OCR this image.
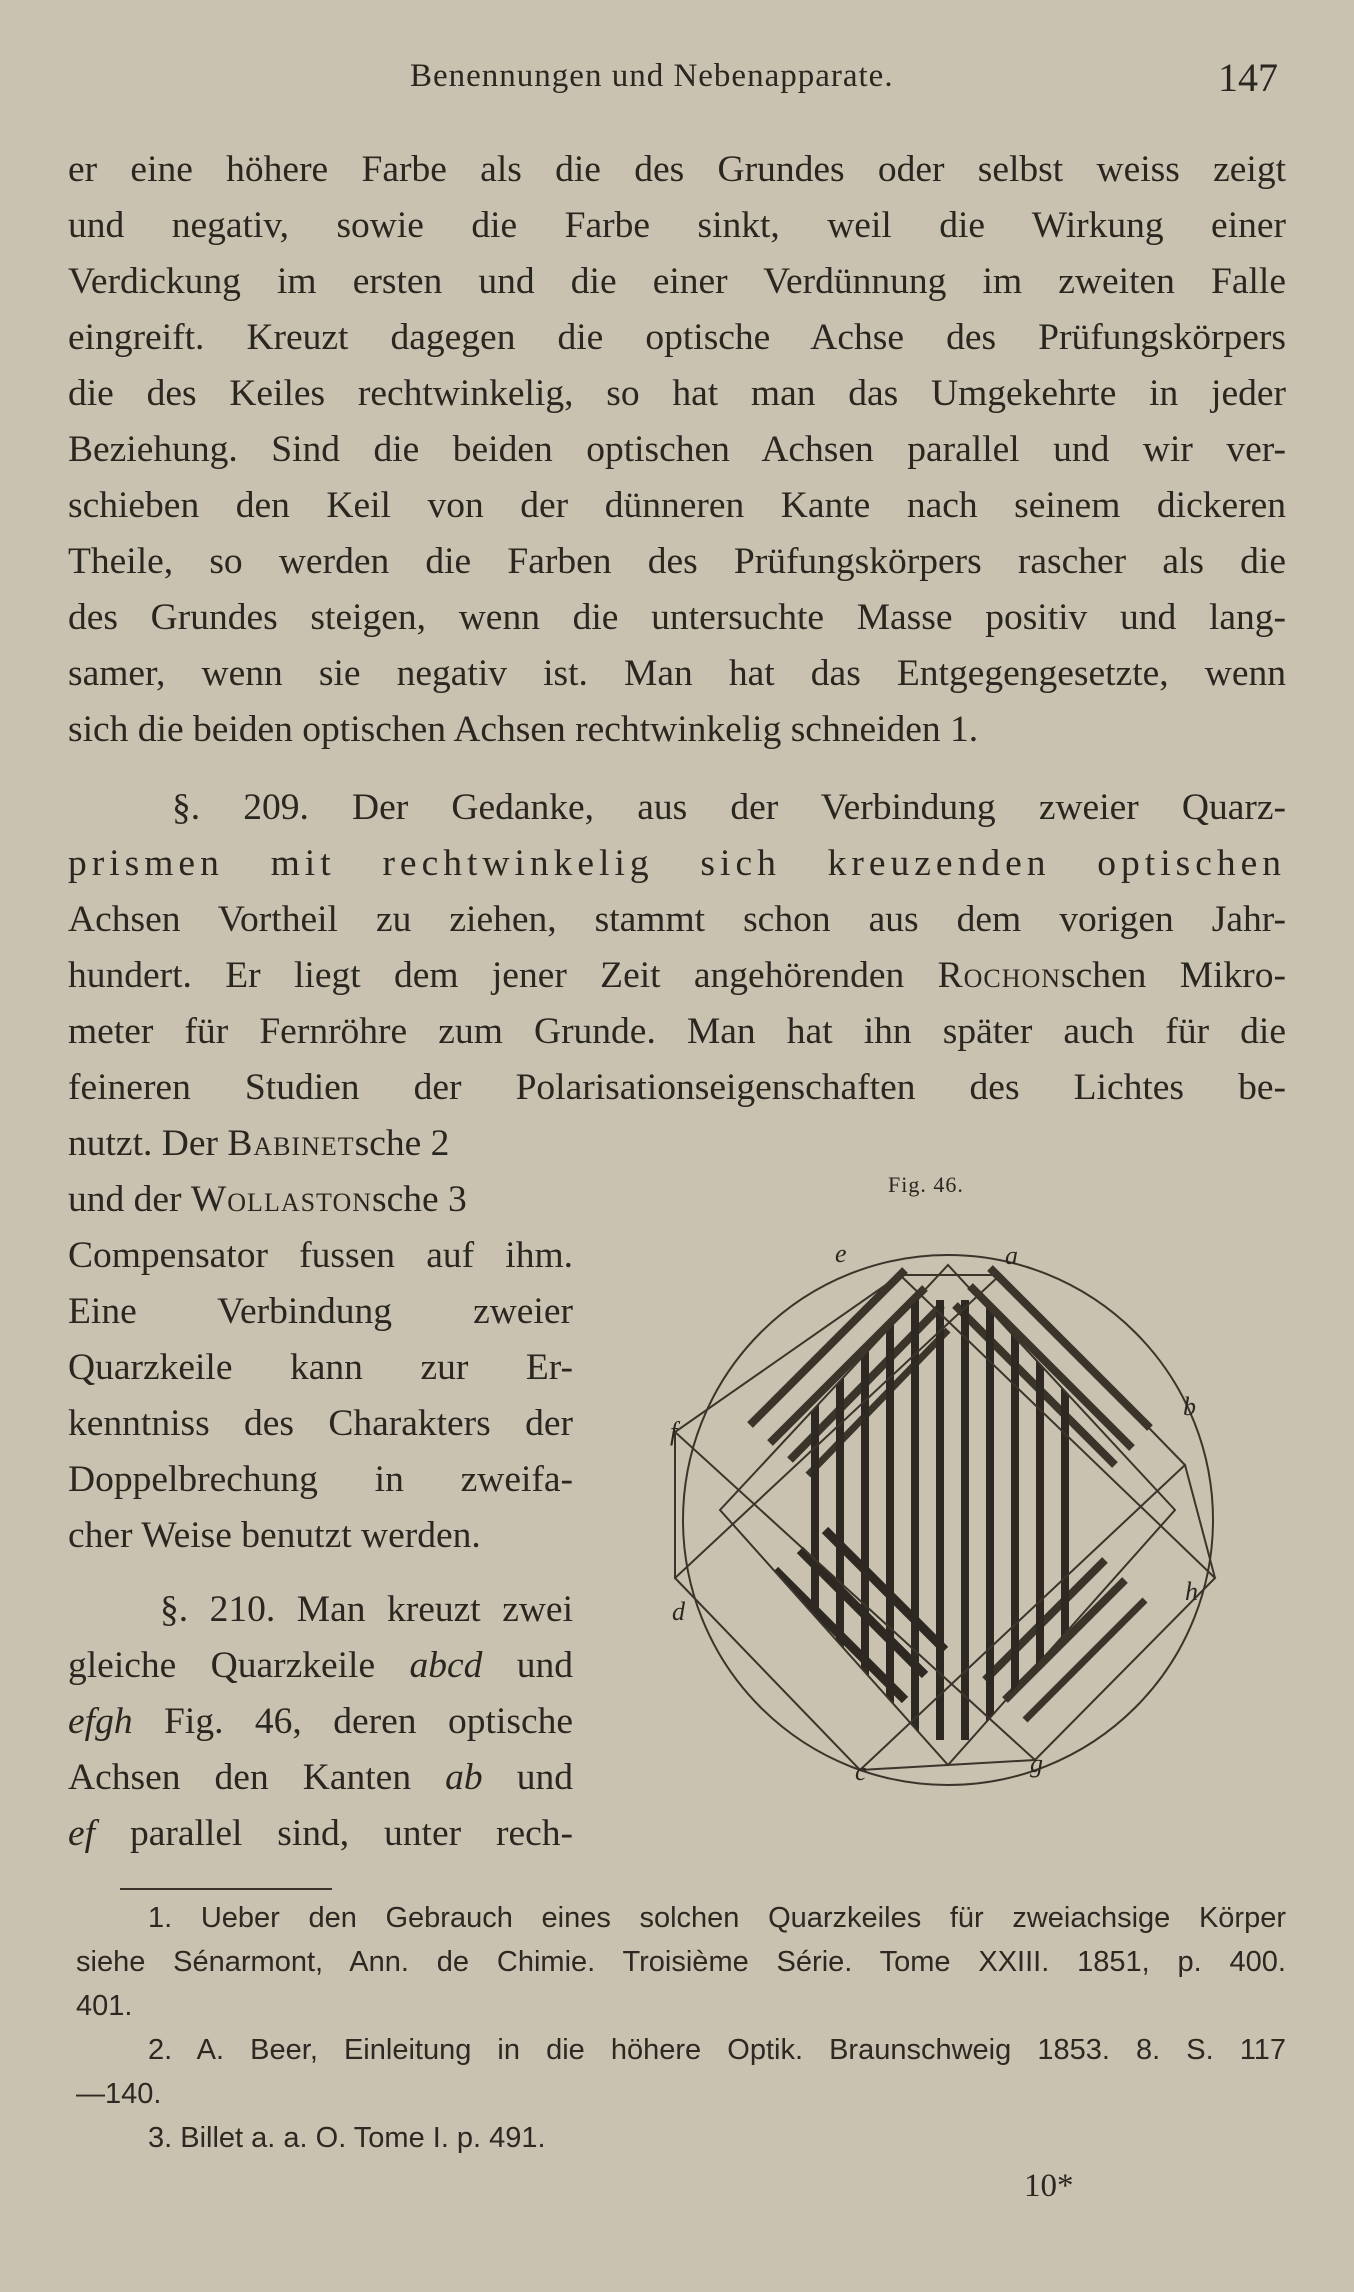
Benennungen und Nebenapparate.	147
er eine höhere Farbe als die des Grundes oder selbst weiss zeigt
und negativ, sowie die Farbe sinkt, weil die Wirkung einer
Verdickung im ersten und die einer Verdünnung im zweiten Falle
eingreift. Kreuzt dagegen die optische Achse des Prüfungskörpers
die des Keiles rechtwinkelig, so hat man das Umgekehrte in jeder
Beziehung. Sind die beiden optischen Achsen parallel und wir ver-
schieben den Keil von der dünneren Kante nach seinem dickeren
Theile, so werden die Farben des Prüfungskörpers rascher als die
des Grundes steigen, wenn die untersuchte Masse positiv und lang-
samer, wenn sie negativ ist. Man hat das Entgegengesetzte, wenn
sich die beiden optischen Achsen rechtwinkelig schneiden 1.
§. 209. Der Gedanke, aus der Verbindung zweier Quarz-
prismen mit rechtwinkelig sich kreuzenden optischen
Achsen Vortheil zu ziehen, stammt schon aus dem vorigen Jahr-
hundert. Er liegt dem jener Zeit angehörenden Rochonschen Mikro-
meter für Fernröhre zum Grunde. Man hat ihn später auch für die
feineren Studien der Polarisationseigenschaften des Lichtes be-
nutzt. Der Babinetsche 2
und der Wollastonsche 3
Compensator fussen auf ihm.
Eine Verbindung zweier
Quarzkeile kann zur Er-
kenntniss des Charakters der
Doppelbrechung in zweifa-
cher Weise benutzt werden.
§. 210. Man kreuzt zwei
gleiche Quarzkeile abcd und
efgh Fig. 46, deren optische
Achsen den Kanten ab und
ef parallel sind, unter rech-
Fig. 46.
a
b
c
d
e
f
g
h
1. Ueber den Gebrauch eines solchen Quarzkeiles für zweiachsige Körper
siehe Sénarmont, Ann. de Chimie. Troisième Série. Tome XXIII. 1851, p. 400.
401.
2. A. Beer, Einleitung in die höhere Optik. Braunschweig 1853. 8. S. 117
—140.
3. Billet a. a. O. Tome I. p. 491.
10*
